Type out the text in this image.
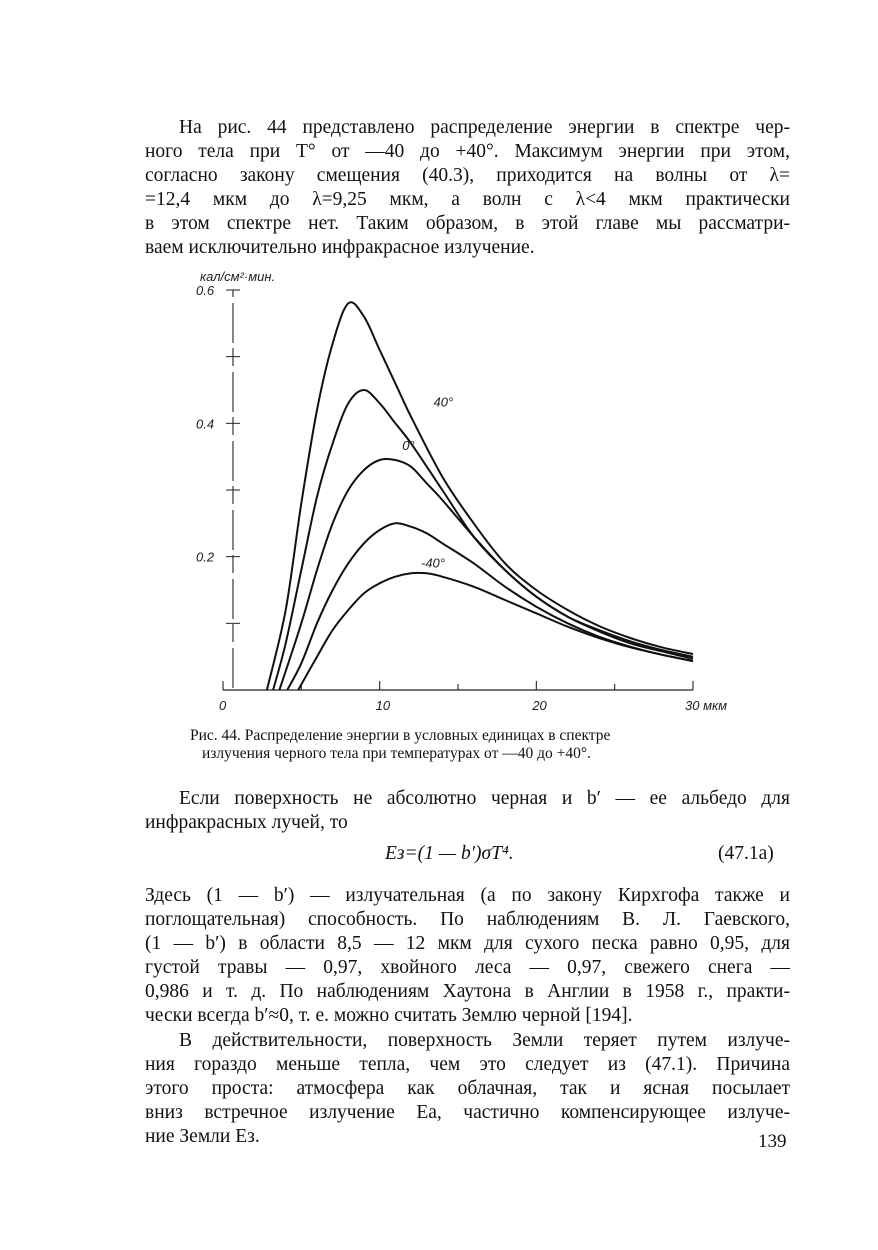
На рис. 44 представлено распределение энергии в спектре чер-
ного тела при T° от —40 до +40°. Максимум энергии при этом,
согласно закону смещения (40.3), приходится на волны от λ=
=12,4 мкм до λ=9,25 мкм, а волн с λ<4 мкм практически
в этом спектре нет. Таким образом, в этой главе мы рассматри-
ваем исключительно инфракрасное излучение.
0	10	20	30 мкм
0.6
0.4
0.2
кал/см²·мин.
40°
0°
-40°
Рис. 44. Распределение энергии в условных единицах в спектре
излучения черного тела при температурах от —40 до +40°.
Если поверхность не абсолютно черная и b′ — ее альбедо для
инфракрасных лучей, то
Eз=(1 — b′)σT⁴.	(47.1a)
Здесь (1 — b′) — излучательная (а по закону Кирхгофа также и
поглощательная) способность. По наблюдениям В. Л. Гаевского,
(1 — b′) в области 8,5 — 12 мкм для сухого песка равно 0,95, для
густой травы — 0,97, хвойного леса — 0,97, свежего снега —
0,986 и т. д. По наблюдениям Хаутона в Англии в 1958 г., практи-
чески всегда b′≈0, т. е. можно считать Землю черной [194].
В действительности, поверхность Земли теряет путем излуче-
ния гораздо меньше тепла, чем это следует из (47.1). Причина
этого проста: атмосфера как облачная, так и ясная посылает
вниз встречное излучение Eа, частично компенсирующее излуче-
ние Земли Eз.	139
